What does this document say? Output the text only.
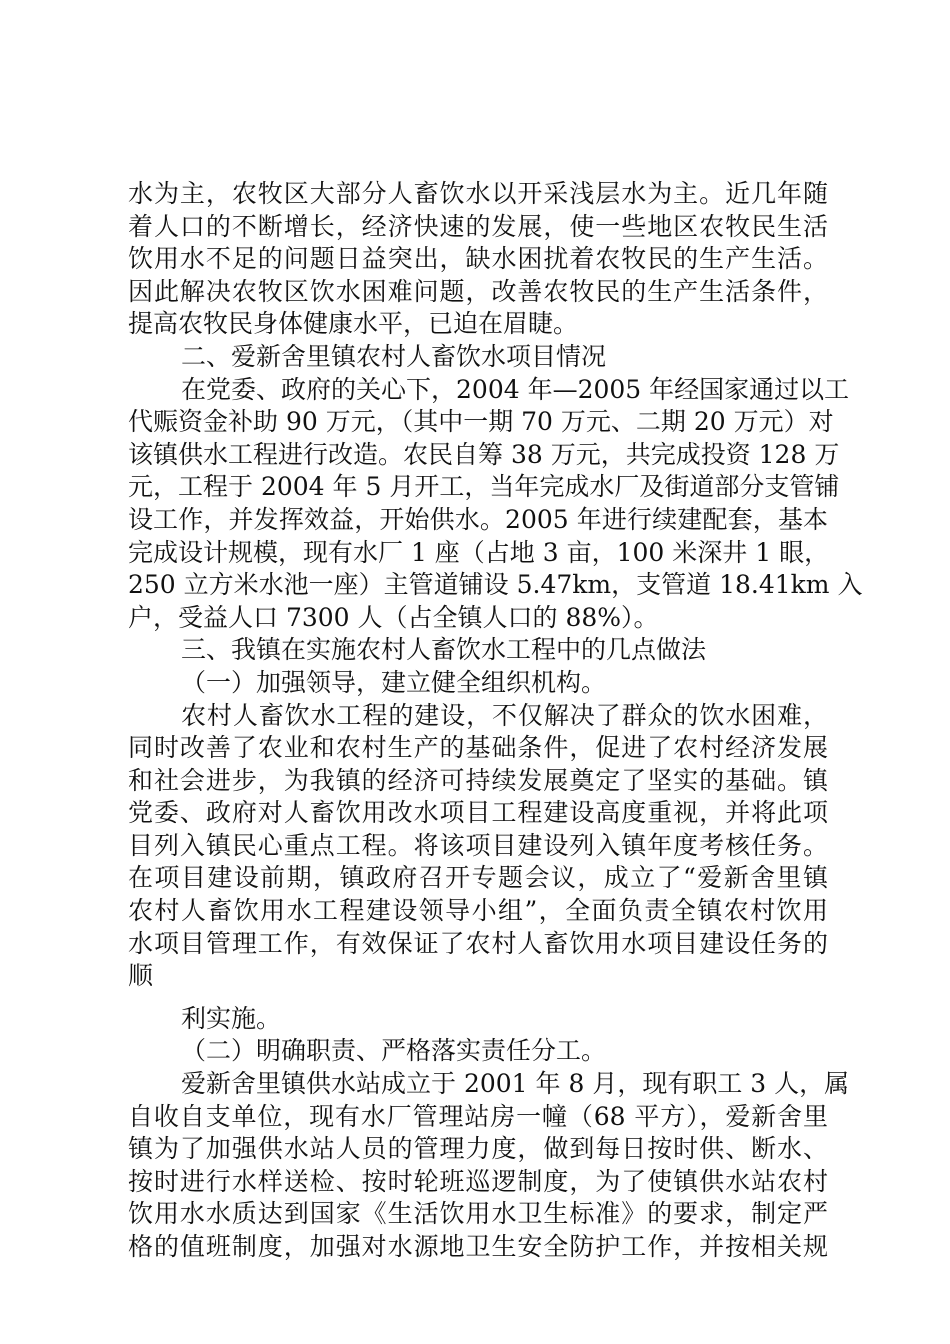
水为主，农牧区大部分人畜饮水以开采浅层水为主。近几年随
着人口的不断增长，经济快速的发展，使一些地区农牧民生活
饮用水不足的问题日益突出，缺水困扰着农牧民的生产生活。
因此解决农牧区饮水困难问题，改善农牧民的生产生活条件，
提高农牧民身体健康水平，已迫在眉睫。
二、爱新舍里镇农村人畜饮水项目情况
在党委、政府的关心下，2004 年—2005 年经国家通过以工
代赈资金补助 90 万元，（其中一期 70 万元、二期 20 万元）对
该镇供水工程进行改造。农民自筹 38 万元，共完成投资 128 万
元，工程于 2004 年 5 月开工，当年完成水厂及街道部分支管铺
设工作，并发挥效益，开始供水。2005 年进行续建配套，基本
完成设计规模，现有水厂 1 座（占地 3 亩，100 米深井 1 眼，
250 立方米水池一座）主管道铺设 5.47km，支管道 18.41km 入
户，受益人口 7300 人（占全镇人口的 88%）。
三、我镇在实施农村人畜饮水工程中的几点做法
（一）加强领导，建立健全组织机构。
农村人畜饮水工程的建设，不仅解决了群众的饮水困难，
同时改善了农业和农村生产的基础条件，促进了农村经济发展
和社会进步，为我镇的经济可持续发展奠定了坚实的基础。镇
党委、政府对人畜饮用改水项目工程建设高度重视，并将此项
目列入镇民心重点工程。将该项目建设列入镇年度考核任务。
在项目建设前期，镇政府召开专题会议，成立了“爱新舍里镇
农村人畜饮用水工程建设领导小组”，全面负责全镇农村饮用
水项目管理工作，有效保证了农村人畜饮用水项目建设任务的
顺
利实施。
（二）明确职责、严格落实责任分工。
爱新舍里镇供水站成立于 2001 年 8 月，现有职工 3 人，属
自收自支单位，现有水厂管理站房一幢（68 平方），爱新舍里
镇为了加强供水站人员的管理力度，做到每日按时供、断水、
按时进行水样送检、按时轮班巡逻制度，为了使镇供水站农村
饮用水水质达到国家《生活饮用水卫生标准》的要求，制定严
格的值班制度，加强对水源地卫生安全防护工作，并按相关规
